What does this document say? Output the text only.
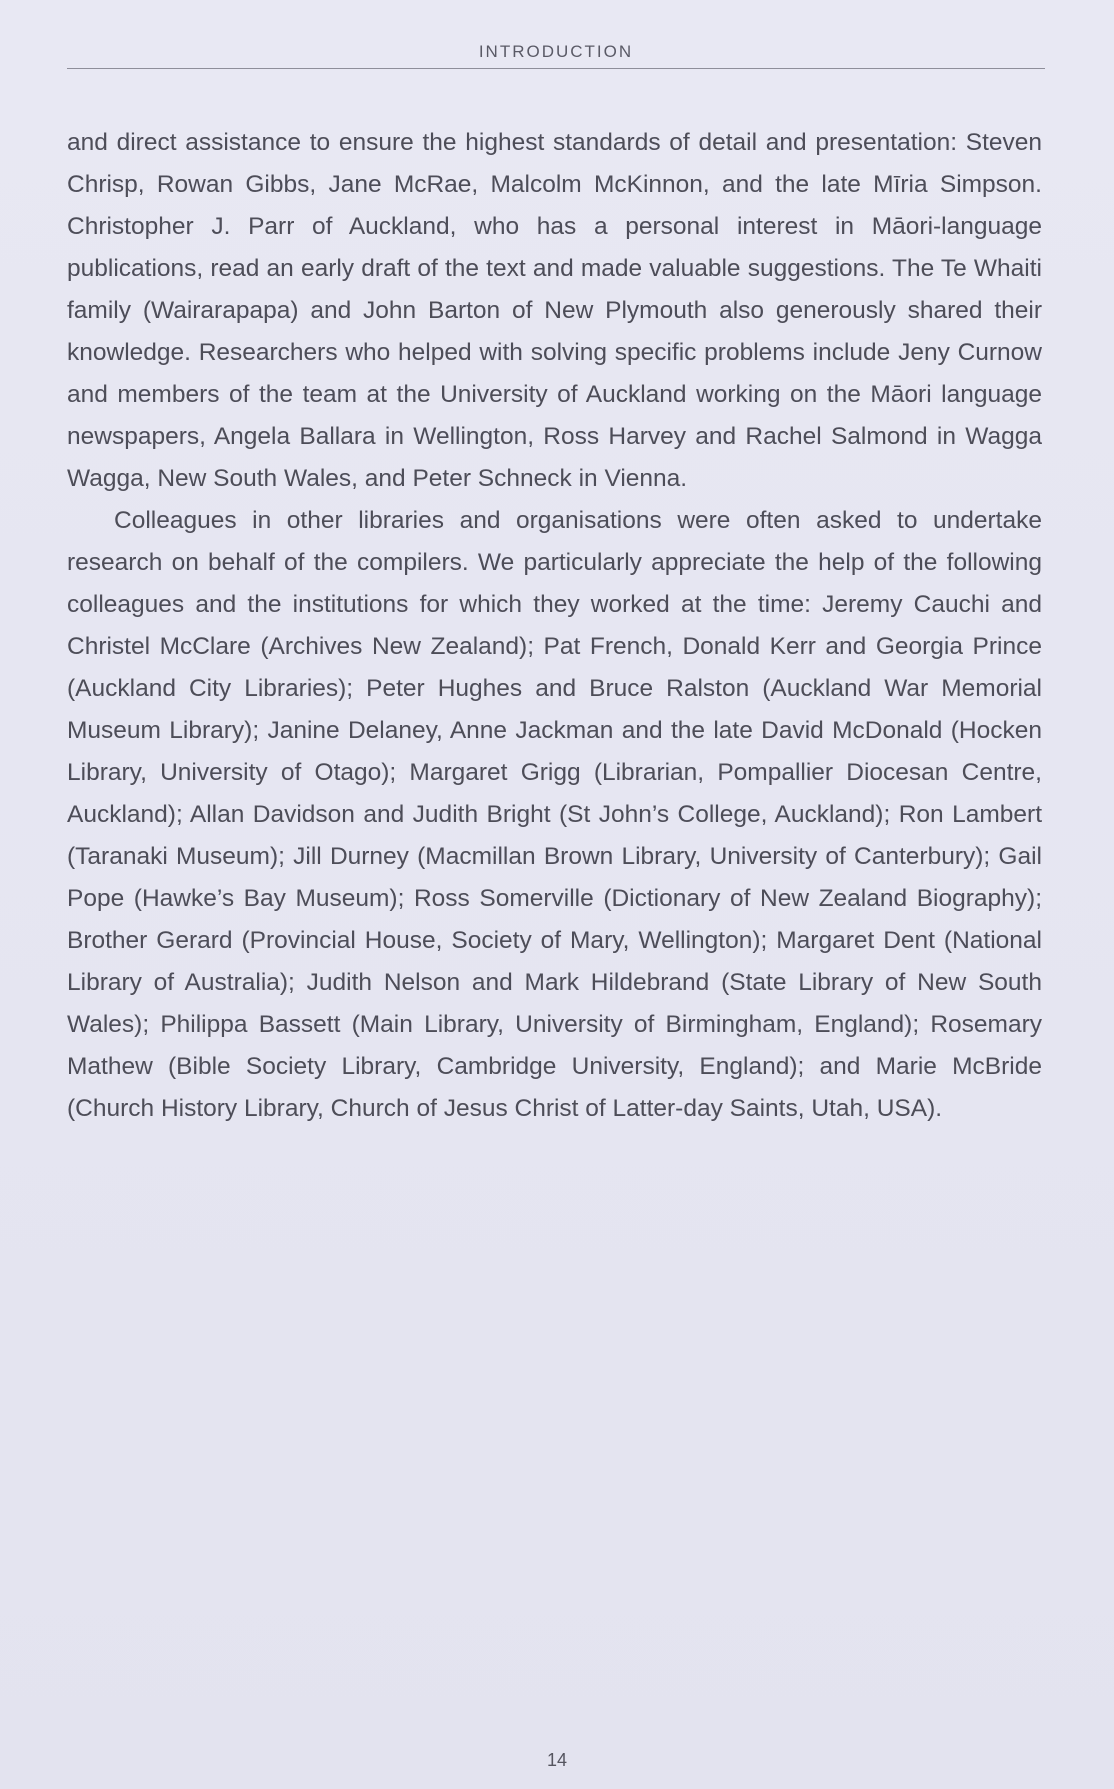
INTRODUCTION

and direct assistance to ensure the highest standards of detail and presentation: Steven Chrisp, Rowan Gibbs, Jane McRae, Malcolm McKinnon, and the late Mīria Simpson. Christopher J. Parr of Auckland, who has a personal interest in Māori-language publications, read an early draft of the text and made valuable suggestions. The Te Whaiti family (Wairarapapa) and John Barton of New Plymouth also generously shared their knowledge. Researchers who helped with solving specific problems include Jeny Curnow and members of the team at the University of Auckland working on the Māori language newspapers, Angela Ballara in Wellington, Ross Harvey and Rachel Salmond in Wagga Wagga, New South Wales, and Peter Schneck in Vienna.

Colleagues in other libraries and organisations were often asked to undertake research on behalf of the compilers. We particularly appreciate the help of the following colleagues and the institutions for which they worked at the time: Jeremy Cauchi and Christel McClare (Archives New Zealand); Pat French, Donald Kerr and Georgia Prince (Auckland City Libraries); Peter Hughes and Bruce Ralston (Auckland War Memorial Museum Library); Janine Delaney, Anne Jackman and the late David McDonald (Hocken Library, University of Otago); Margaret Grigg (Librarian, Pompallier Diocesan Centre, Auckland); Allan Davidson and Judith Bright (St John’s College, Auckland); Ron Lambert (Taranaki Museum); Jill Durney (Macmillan Brown Library, University of Canterbury); Gail Pope (Hawke’s Bay Museum); Ross Somerville (Dictionary of New Zealand Biography); Brother Gerard (Provincial House, Society of Mary, Wellington); Margaret Dent (National Library of Australia); Judith Nelson and Mark Hildebrand (State Library of New South Wales); Philippa Bassett (Main Library, University of Birmingham, England); Rosemary Mathew (Bible Society Library, Cambridge University, England); and Marie McBride (Church History Library, Church of Jesus Christ of Latter-day Saints, Utah, USA).

14
